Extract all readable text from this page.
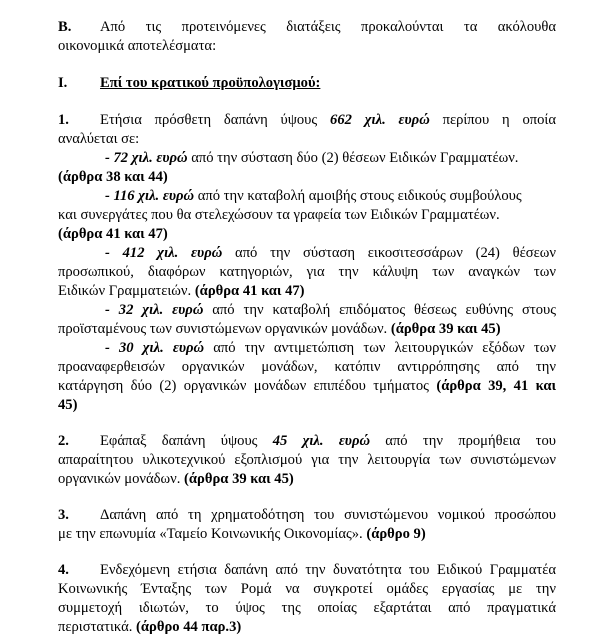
B. Από τις προτεινόμενες διατάξεις προκαλούνται τα ακόλουθα
οικονομικά αποτελέσματα:
I. Επί του κρατικού προϋπολογισμού:
1. Ετήσια πρόσθετη δαπάνη ύψους 662 χιλ. ευρώ περίπου η οποία
αναλύεται σε:
- 72 χιλ. ευρώ από την σύσταση δύο (2) θέσεων Ειδικών Γραμματέων.
(άρθρα 38 και 44)
- 116 χιλ. ευρώ από την καταβολή αμοιβής στους ειδικούς συμβούλους
και συνεργάτες που θα στελεχώσουν τα γραφεία των Ειδικών Γραμματέων.
(άρθρα 41 και 47)
- 412 χιλ. ευρώ από την σύσταση εικοσιτεσσάρων (24) θέσεων
προσωπικού, διαφόρων κατηγοριών, για την κάλυψη των αναγκών των
Ειδικών Γραμματειών. (άρθρα 41 και 47)
- 32 χιλ. ευρώ από την καταβολή επιδόματος θέσεως ευθύνης στους
προϊσταμένους των συνιστώμενων οργανικών μονάδων. (άρθρα 39 και 45)
- 30 χιλ. ευρώ από την αντιμετώπιση των λειτουργικών εξόδων των
προαναφερθεισών οργανικών μονάδων, κατόπιν αντιρρόπησης από την
κατάργηση δύο (2) οργανικών μονάδων επιπέδου τμήματος (άρθρα 39, 41 και
45)
2. Εφάπαξ δαπάνη ύψους 45 χιλ. ευρώ από την προμήθεια του
απαραίτητου υλικοτεχνικού εξοπλισμού για την λειτουργία των συνιστώμενων
οργανικών μονάδων. (άρθρα 39 και 45)
3. Δαπάνη από τη χρηματοδότηση του συνιστώμενου νομικού προσώπου
με την επωνυμία «Ταμείο Κοινωνικής Οικονομίας». (άρθρο 9)
4. Ενδεχόμενη ετήσια δαπάνη από την δυνατότητα του Ειδικού Γραμματέα
Κοινωνικής Ένταξης των Ρομά να συγκροτεί ομάδες εργασίας με την
συμμετοχή ιδιωτών, το ύψος της οποίας εξαρτάται από πραγματικά
περιστατικά. (άρθρο 44 παρ.3)
